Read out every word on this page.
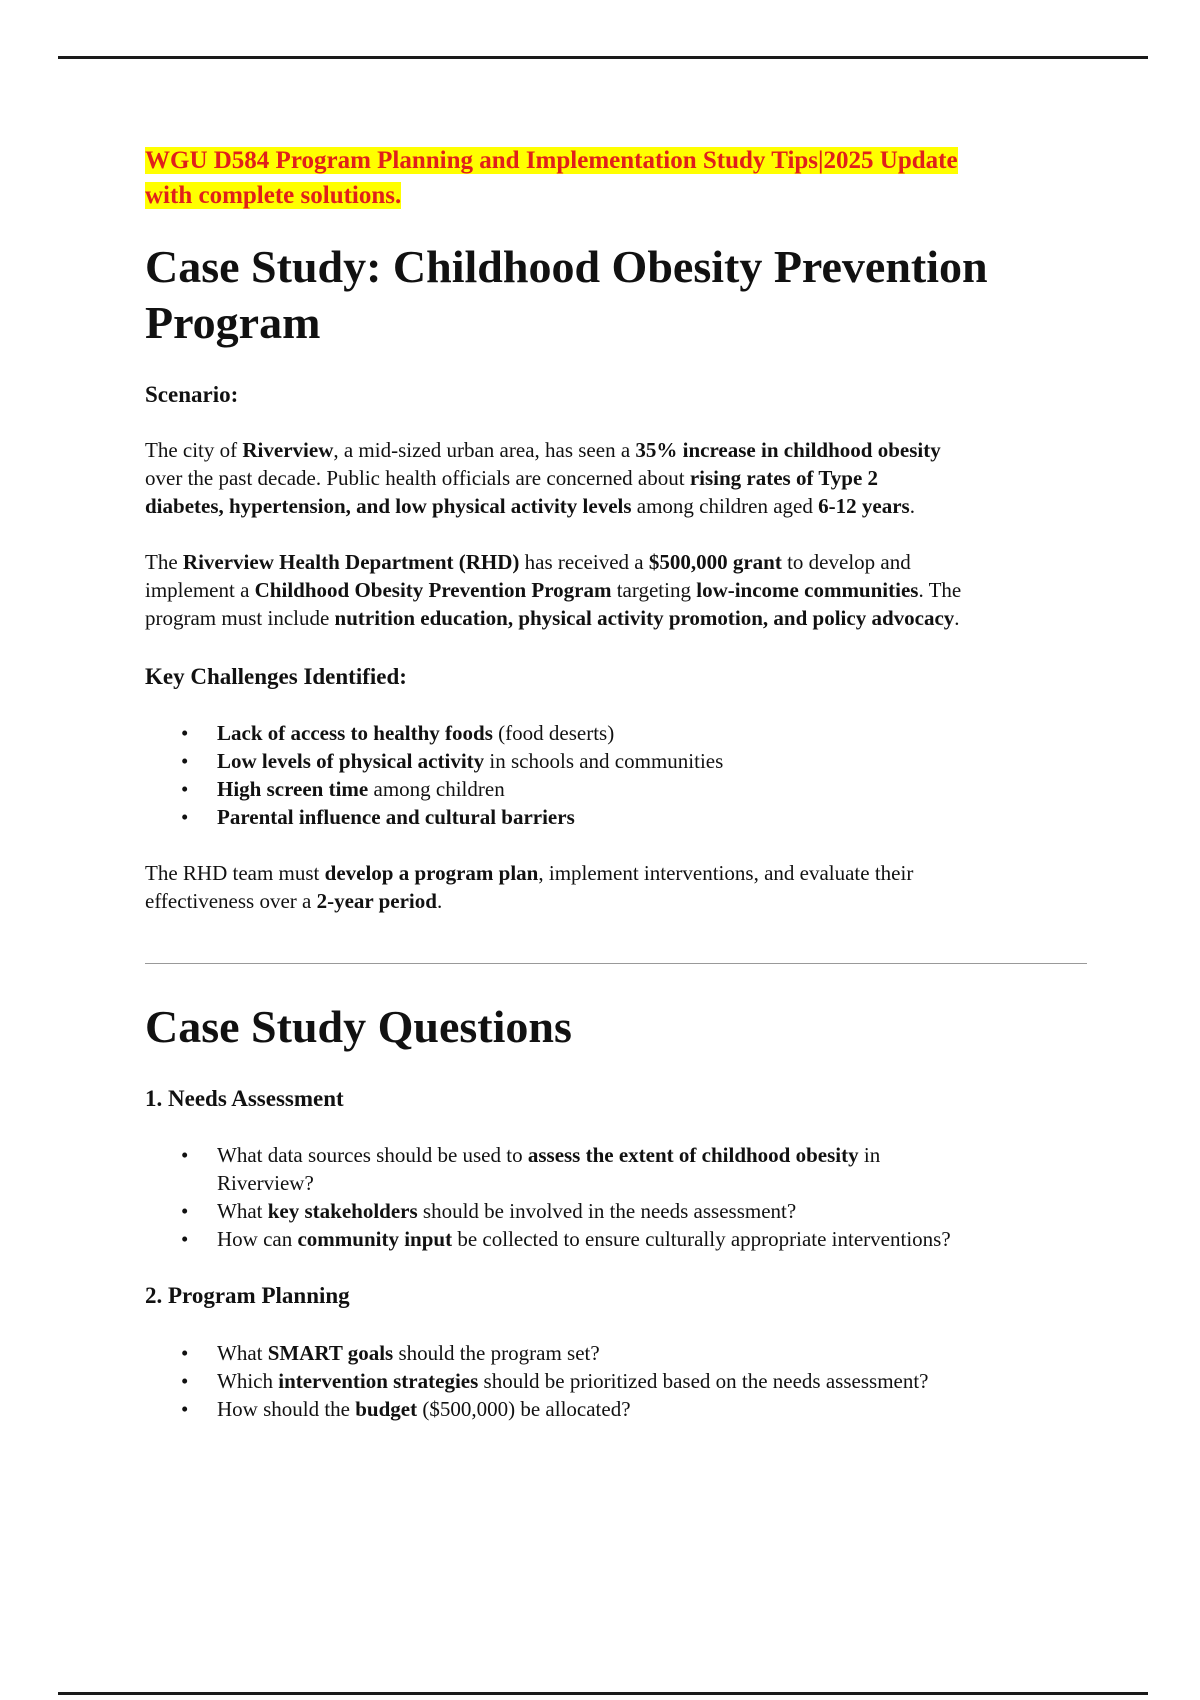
WGU D584 Program Planning and Implementation Study Tips|2025 Update
with complete solutions.
Case Study: Childhood Obesity Prevention
Program
Scenario:
The city of Riverview, a mid-sized urban area, has seen a 35% increase in childhood obesity
over the past decade. Public health officials are concerned about rising rates of Type 2
diabetes, hypertension, and low physical activity levels among children aged 6-12 years.
The Riverview Health Department (RHD) has received a $500,000 grant to develop and
implement a Childhood Obesity Prevention Program targeting low-income communities. The
program must include nutrition education, physical activity promotion, and policy advocacy.
Key Challenges Identified:
• Lack of access to healthy foods (food deserts)
• Low levels of physical activity in schools and communities
• High screen time among children
• Parental influence and cultural barriers
The RHD team must develop a program plan, implement interventions, and evaluate their
effectiveness over a 2-year period.
Case Study Questions
1. Needs Assessment
• What data sources should be used to assess the extent of childhood obesity in
Riverview?
• What key stakeholders should be involved in the needs assessment?
• How can community input be collected to ensure culturally appropriate interventions?
2. Program Planning
• What SMART goals should the program set?
• Which intervention strategies should be prioritized based on the needs assessment?
• How should the budget ($500,000) be allocated?
